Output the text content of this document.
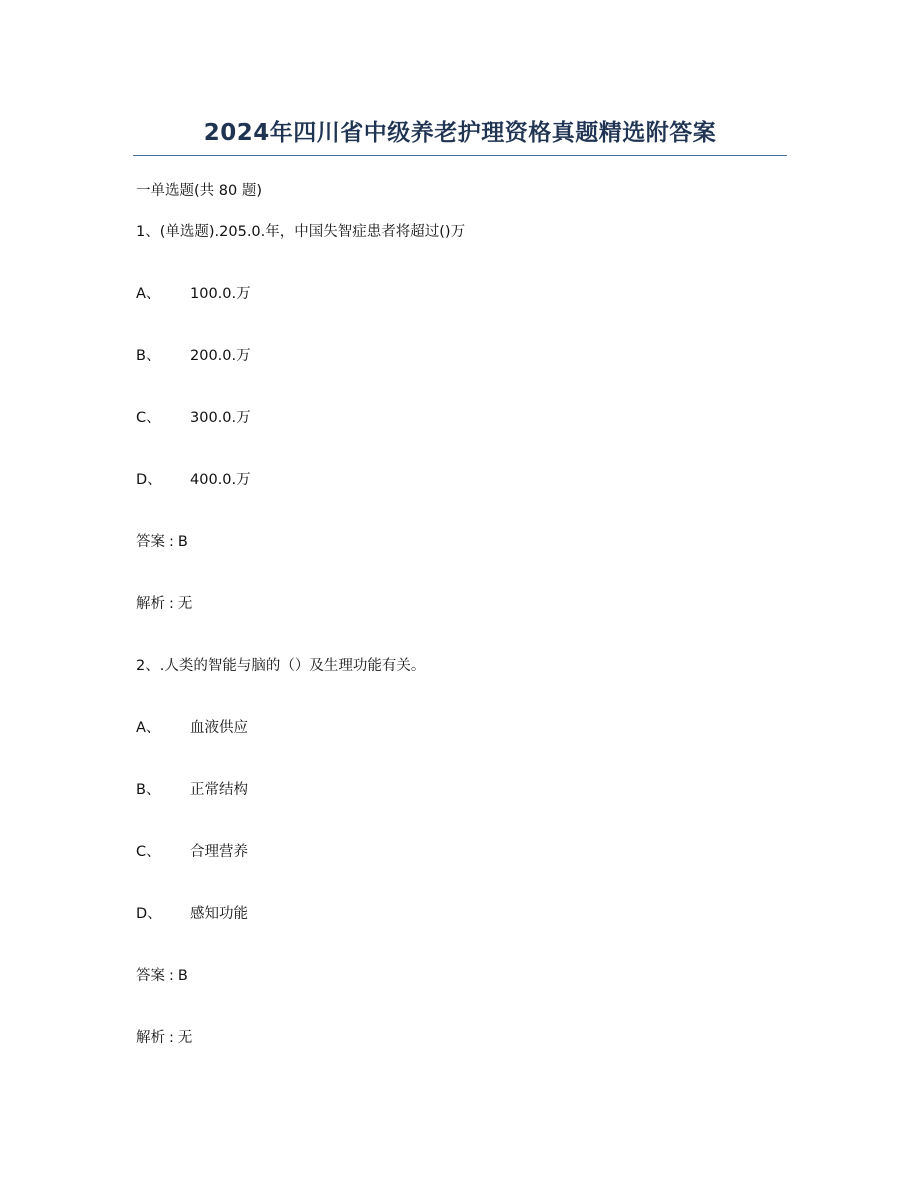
2024年四川省中级养老护理资格真题精选附答案
一单选题(共 80 题)
1、(单选题).205.0.年，中国失智症患者将超过()万
A、 100.0.万
B、 200.0.万
C、 300.0.万
D、 400.0.万
答案 : B
解析 : 无
2、.人类的智能与脑的（）及生理功能有关。
A、 血液供应
B、 正常结构
C、 合理营养
D、 感知功能
答案 : B
解析 : 无
